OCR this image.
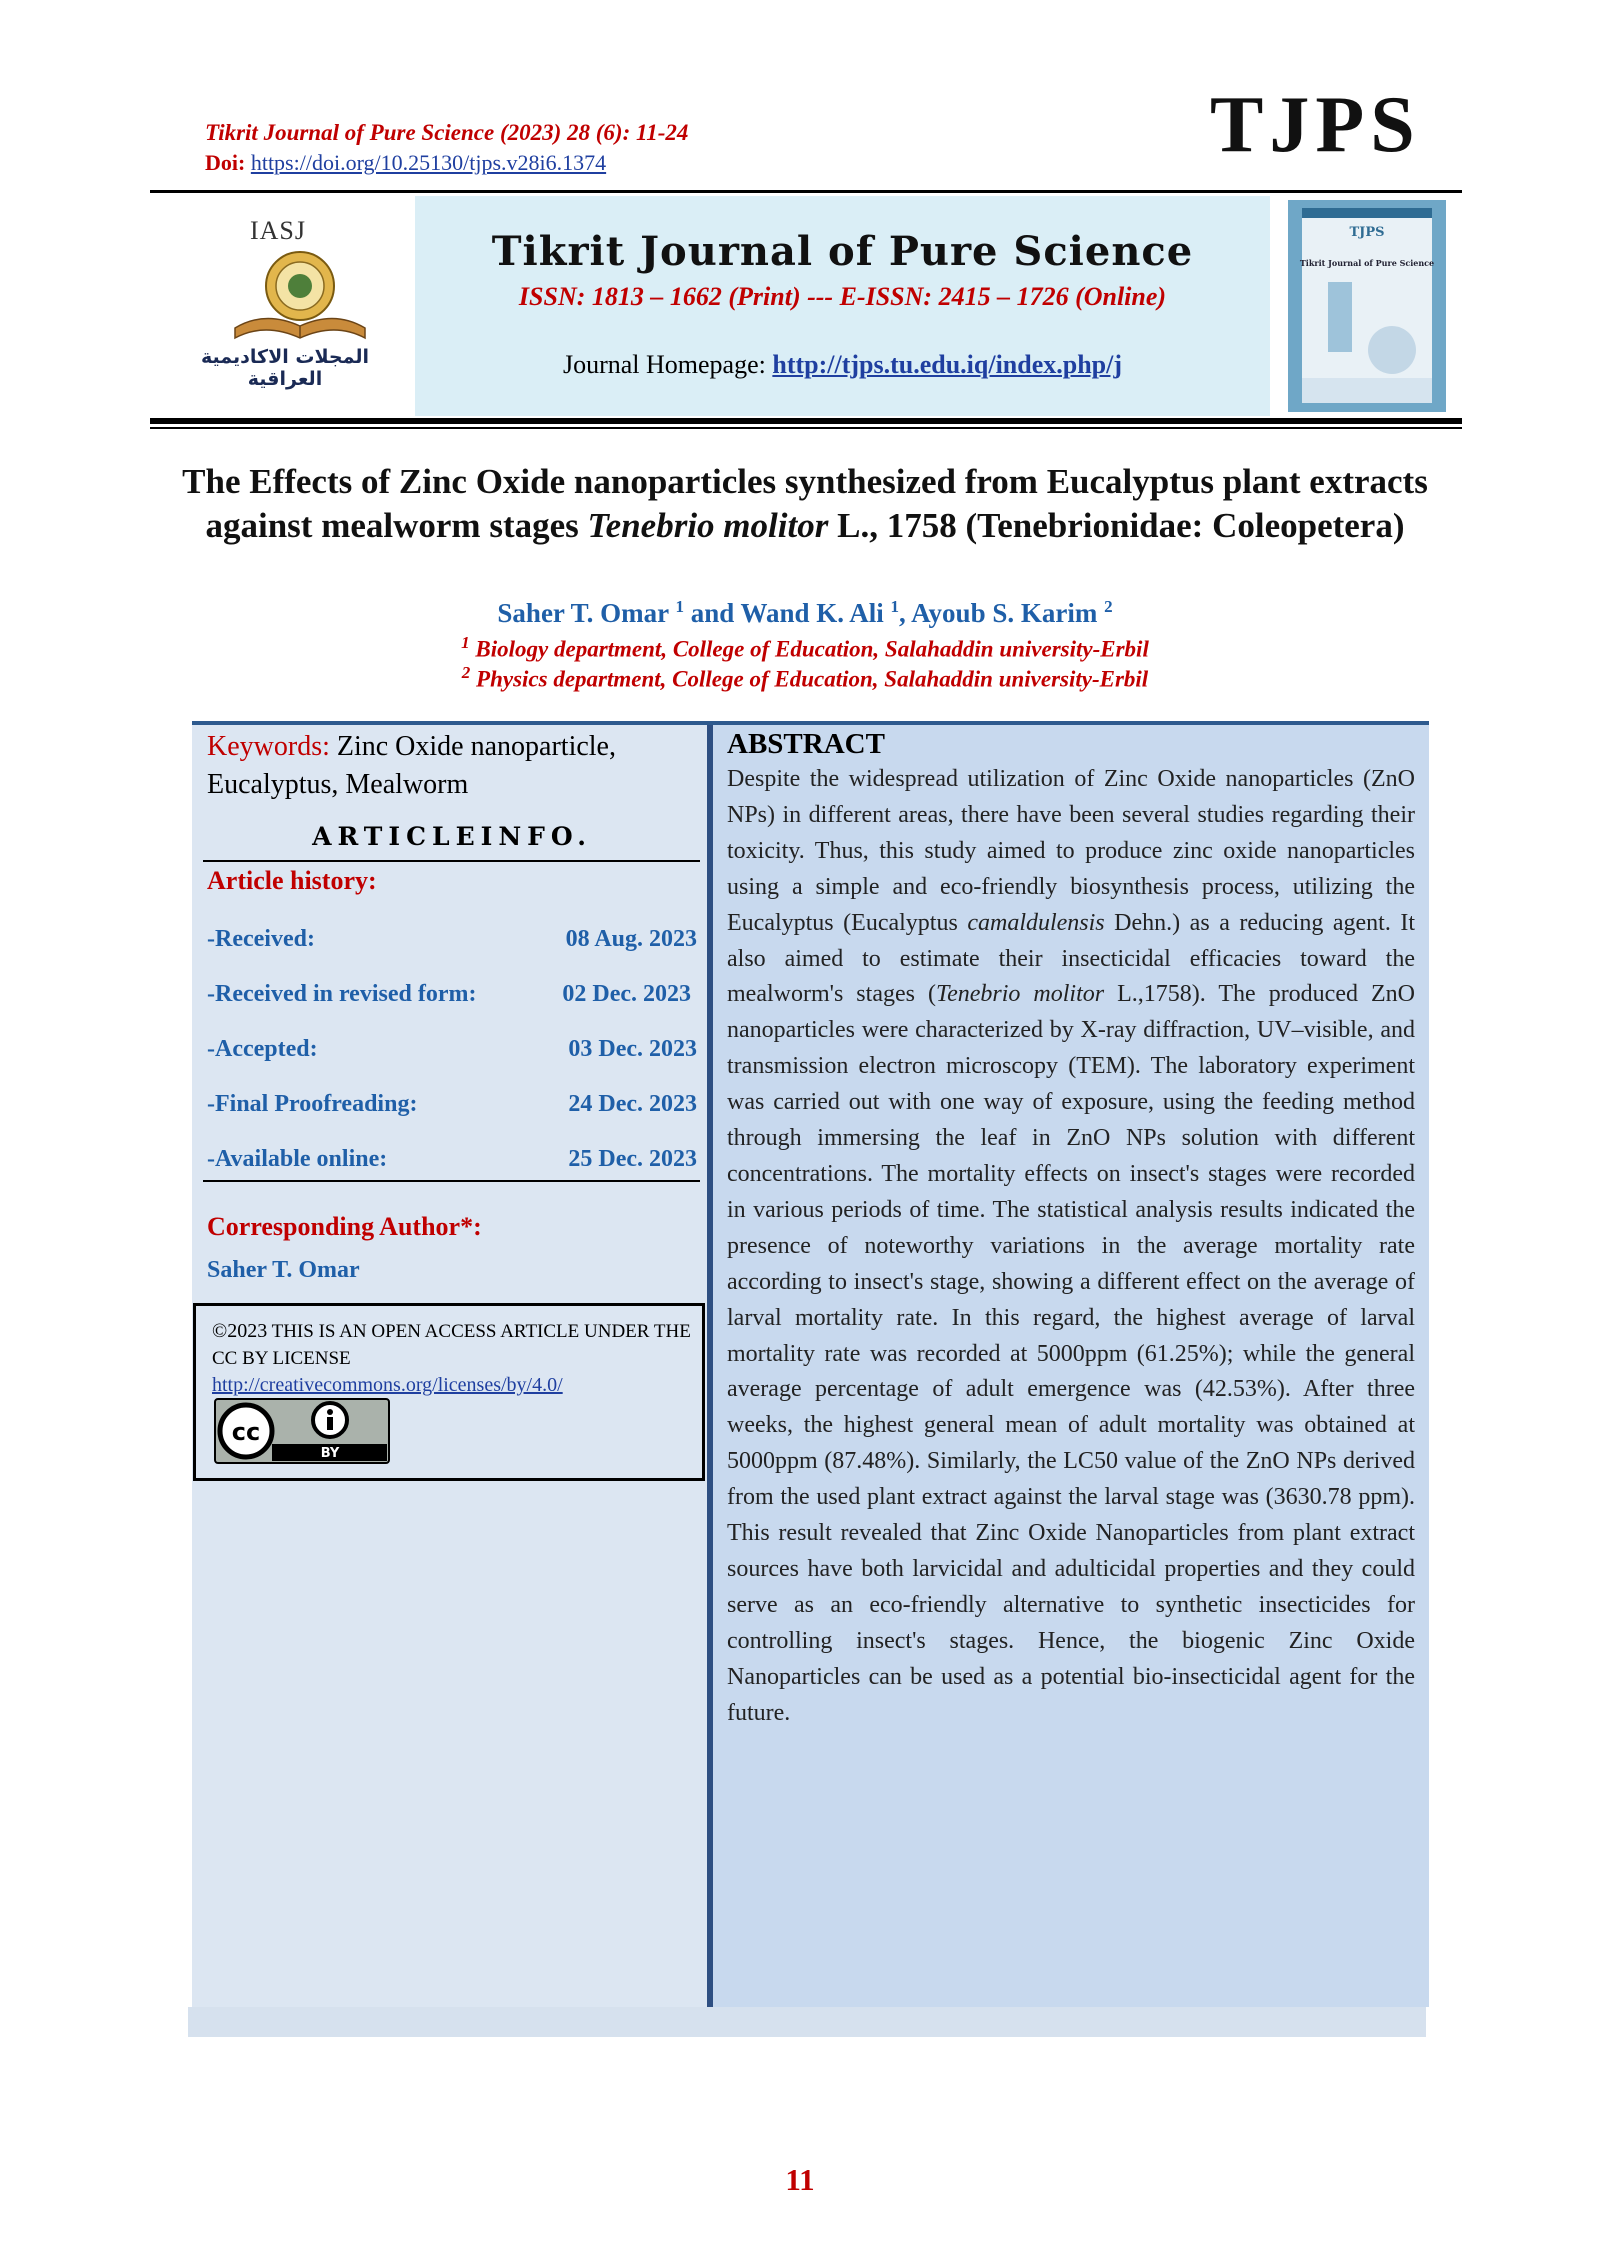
Tikrit Journal of Pure Science (2023) 28 (6): 11-24
Doi: https://doi.org/10.25130/tjps.v28i6.1374	TJPS
IASJ
المجلات الاكاديمية العراقية
Tikrit Journal of Pure Science
ISSN: 1813 – 1662 (Print) --- E-ISSN: 2415 – 1726 (Online)
Journal Homepage: http://tjps.tu.edu.iq/index.php/j
TJPS
Tikrit Journal of Pure Science
The Effects of Zinc Oxide nanoparticles synthesized from Eucalyptus plant extracts against mealworm stages Tenebrio molitor L., 1758 (Tenebrionidae: Coleopetera)
Saher T. Omar $^1$ and Wand K. Ali $^1$, Ayoub S. Karim $^2$
$^1$ Biology department, College of Education, Salahaddin university-Erbil
$^2$ Physics department, College of Education, Salahaddin university-Erbil
Keywords: Zinc Oxide nanoparticle, Eucalyptus, Mealworm
ARTICLEINFO.
Article history:
-Received:	08 Aug. 2023
-Received in revised form:	02 Dec. 2023
-Accepted:	03 Dec. 2023
-Final Proofreading:	24 Dec. 2023
-Available online:	25 Dec. 2023
Corresponding Author*:
Saher T. Omar
©2023 THIS IS AN OPEN ACCESS ARTICLE UNDER THE CC BY LICENSE
http://creativecommons.org/licenses/by/4.0/
cc
BY
ABSTRACT
Despite the widespread utilization of Zinc Oxide nanoparticles (ZnO NPs) in different areas, there have been several studies regarding their toxicity. Thus, this study aimed to produce zinc oxide nanoparticles using a simple and eco-friendly biosynthesis process, utilizing the Eucalyptus (Eucalyptus camaldulensis Dehn.) as a reducing agent. It also aimed to estimate their insecticidal efficacies toward the mealworm's stages (Tenebrio molitor L.,1758). The produced ZnO nanoparticles were characterized by X-ray diffraction, UV–visible, and transmission electron microscopy (TEM). The laboratory experiment was carried out with one way of exposure, using the feeding method through immersing the leaf in ZnO NPs solution with different concentrations. The mortality effects on insect's stages were recorded in various periods of time. The statistical analysis results indicated the presence of noteworthy variations in the average mortality rate according to insect's stage, showing a different effect on the average of larval mortality rate. In this regard, the highest average of larval mortality rate was recorded at 5000ppm (61.25%); while the general average percentage of adult emergence was (42.53%). After three weeks, the highest general mean of adult mortality was obtained at 5000ppm (87.48%). Similarly, the LC50 value of the ZnO NPs derived from the used plant extract against the larval stage was (3630.78 ppm). This result revealed that Zinc Oxide Nanoparticles from plant extract sources have both larvicidal and adulticidal properties and they could serve as an eco-friendly alternative to synthetic insecticides for controlling insect's stages. Hence, the biogenic Zinc Oxide Nanoparticles can be used as a potential bio-insecticidal agent for the future.
11
